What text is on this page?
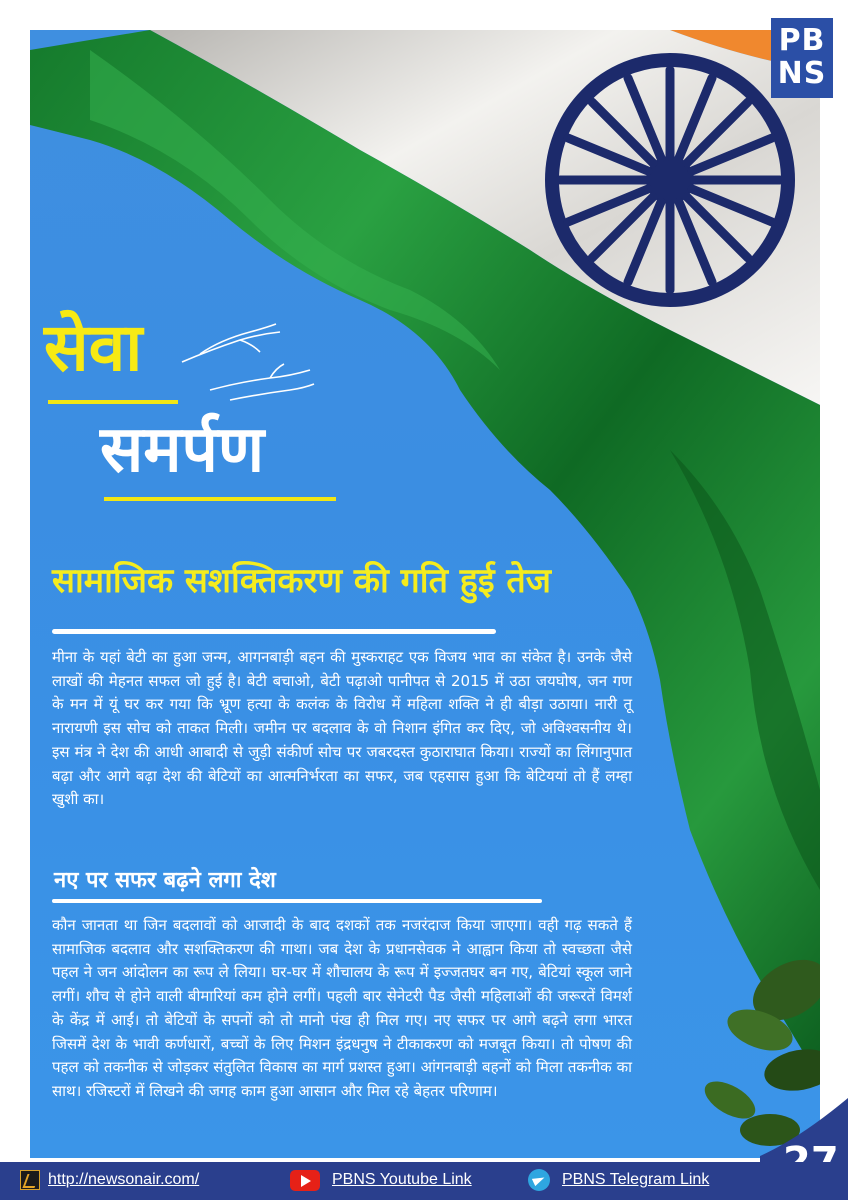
PB
NS
सेवा
समर्पण
सामाजिक सशक्तिकरण की गति हुई तेज

मीना के यहां बेटी का हुआ जन्म, आगनबाड़ी बहन की मुस्कराहट एक विजय भाव का संकेत है। उनके जैसे लाखों की मेहनत सफल जो हुई है। बेटी बचाओ, बेटी पढ़ाओ पानीपत से 2015 में उठा जयघोष, जन गण के मन में यूं घर कर गया कि भ्रूण हत्या के कलंक के विरोध में महिला शक्ति ने ही बीड़ा उठाया। नारी तू नारायणी इस सोच को ताकत मिली। जमीन पर बदलाव के वो निशान इंगित कर दिए, जो अविश्वसनीय थे। इस मंत्र ने देश की आधी आबादी से जुड़ी संकीर्ण सोच पर जबरदस्त कुठाराघात किया। राज्यों का लिंगानुपात बढ़ा और आगे बढ़ा देश की बेटियों का आत्मनिर्भरता का सफर, जब एहसास हुआ कि बेटिययां तो हैं लम्हा खुशी का।

नए पर सफर बढ़ने लगा देश

कौन जानता था जिन बदलावों को आजादी के बाद दशकों तक नजरंदाज किया जाएगा। वही गढ़ सकते हैं सामाजिक बदलाव और सशक्तिकरण की गाथा। जब देश के प्रधानसेवक ने आह्वान किया तो स्वच्छता जैसे पहल ने जन आंदोलन का रूप ले लिया। घर-घर में शौचालय के रूप में इज्जतघर बन गए, बेटियां स्कूल जाने लगीं। शौच से होने वाली बीमारियां कम होने लगीं। पहली बार सेनेटरी पैड जैसी महिलाओं की जरूरतें विमर्श के केंद्र में आईं। तो बेटियों के सपनों को तो मानो पंख ही मिल गए। नए सफर पर आगे बढ़ने लगा भारत जिसमें देश के भावी कर्णधारों, बच्चों के लिए मिशन इंद्रधनुष ने टीकाकरण को मजबूत किया। तो पोषण की पहल को तकनीक से जोड़कर संतुलित विकास का मार्ग प्रशस्त हुआ। आंगनबाड़ी बहनों को मिला तकनीक का साथ। रजिस्टरों में लिखने की जगह काम हुआ आसान और मिल रहे बेहतर परिणाम।

http://newsonair.com/	PBNS Youtube Link	PBNS Telegram Link
